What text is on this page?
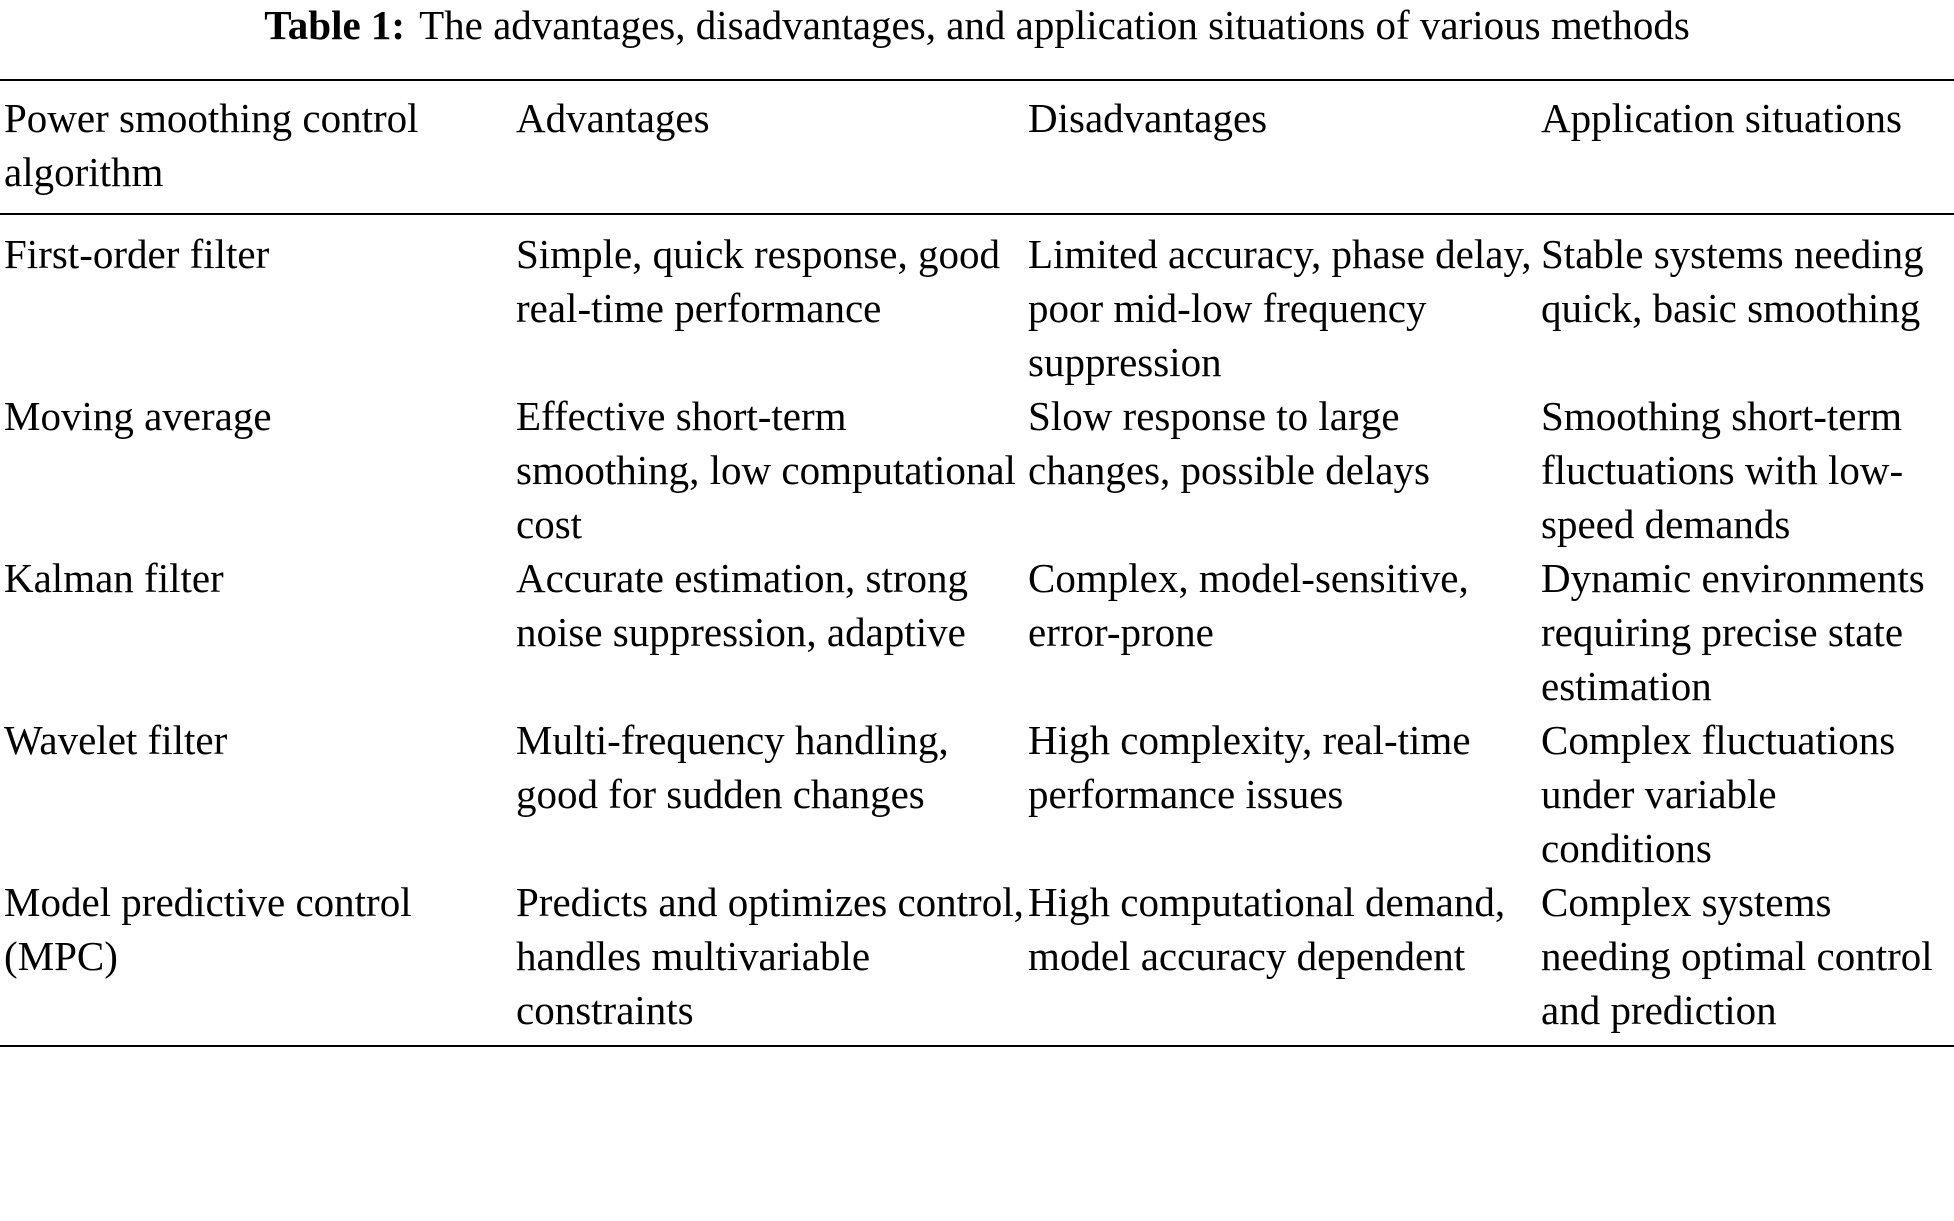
Table 1: The advantages, disadvantages, and application situations of various methods
Power smoothing control algorithm	Advantages	Disadvantages	Application situations
First-order filter	Simple, quick response, good real-time performance	Limited accuracy, phase delay, poor mid-low frequency suppression	Stable systems needing quick, basic smoothing
Moving average	Effective short-term smoothing, low computational cost	Slow response to large changes, possible delays	Smoothing short-term fluctuations with low-speed demands
Kalman filter	Accurate estimation, strong noise suppression, adaptive	Complex, model-sensitive, error-prone	Dynamic environments requiring precise state estimation
Wavelet filter	Multi-frequency handling, good for sudden changes	High complexity, real-time performance issues	Complex fluctuations under variable conditions
Model predictive control (MPC)	Predicts and optimizes control, handles multivariable constraints	High computational demand, model accuracy dependent	Complex systems needing optimal control and prediction
